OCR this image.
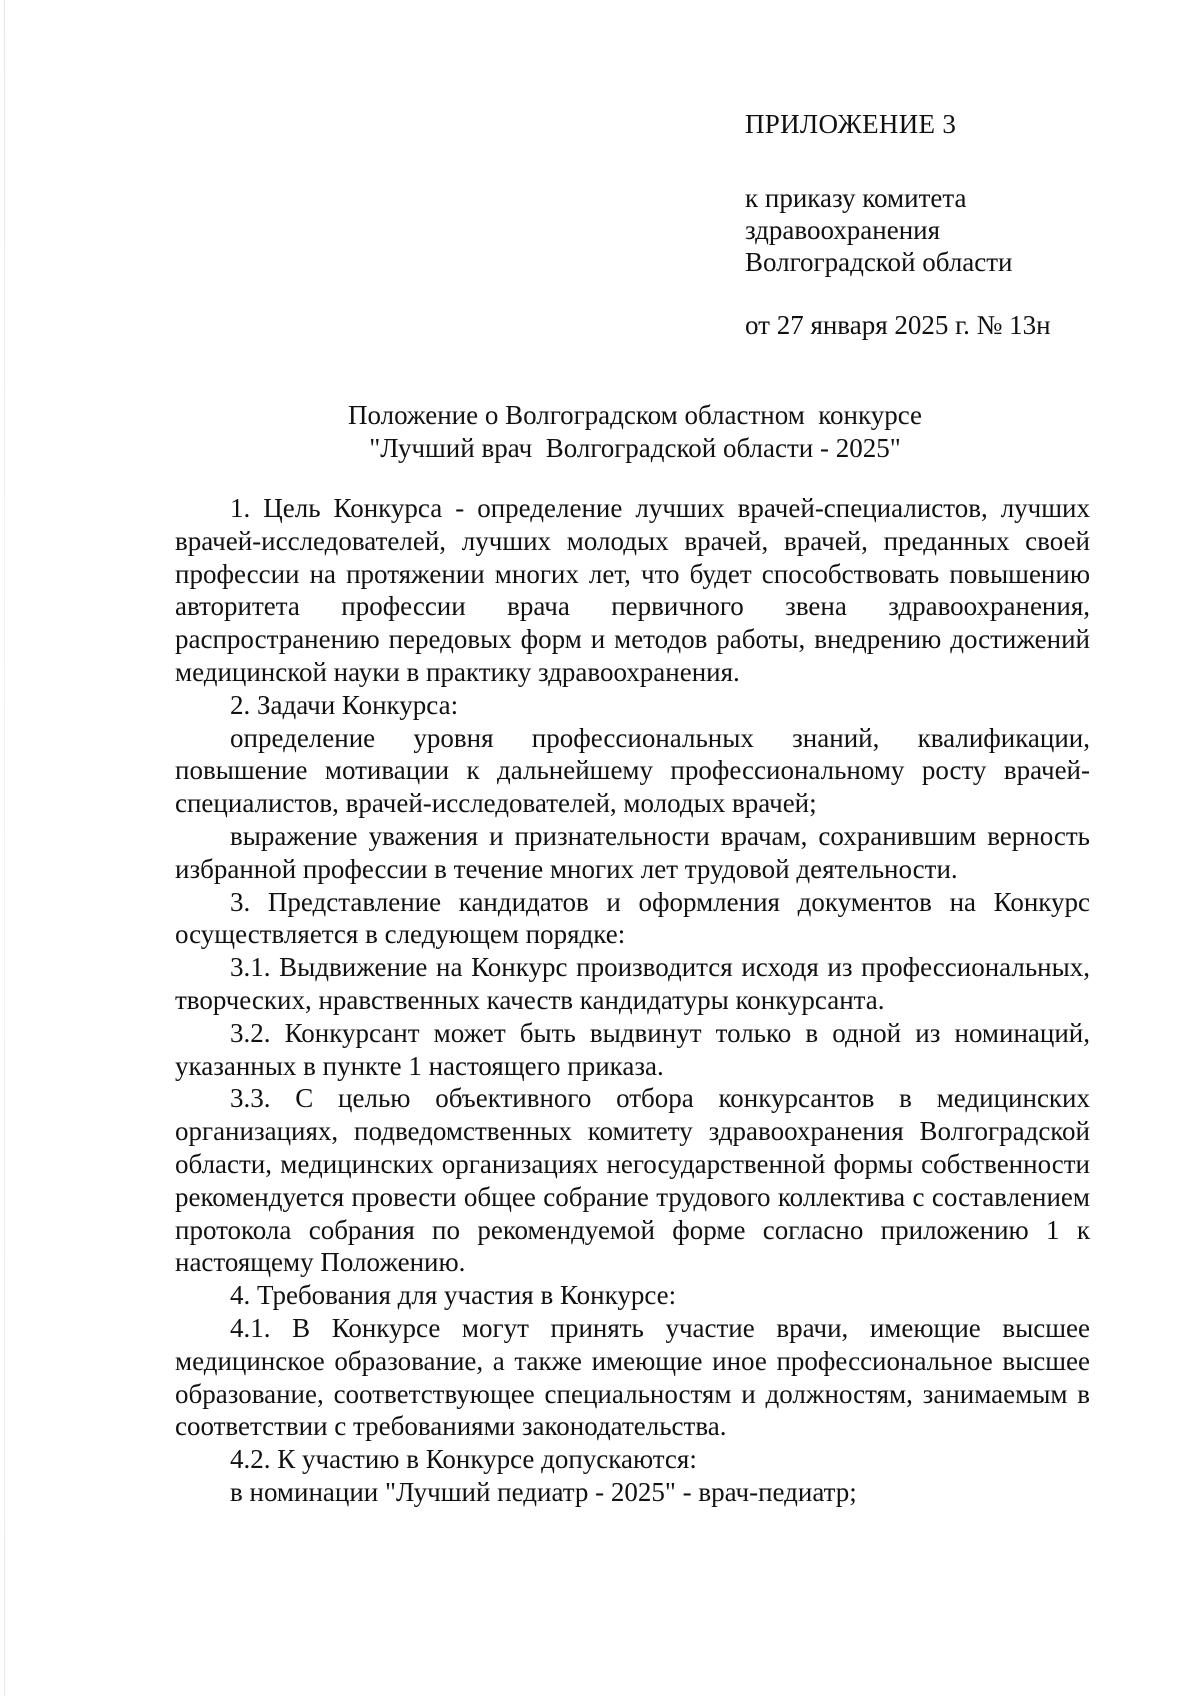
ПРИЛОЖЕНИЕ 3
к приказу комитета
здравоохранения
Волгоградской области
от 27 января 2025 г. № 13н
Положение о Волгоградском областном  конкурсе
"Лучший врач  Волгоградской области - 2025"

1. Цель Конкурса - определение лучших врачей-специалистов, лучших врачей-исследователей, лучших молодых врачей, врачей, преданных своей профессии на протяжении многих лет, что будет способствовать повышению авторитета профессии врача первичного звена здравоохранения, распространению передовых форм и методов работы, внедрению достижений медицинской науки в практику здравоохранения.

2. Задачи Конкурса:

определение уровня профессиональных знаний, квалификации, повышение мотивации к дальнейшему профессиональному росту врачей-специалистов, врачей-исследователей, молодых врачей;

выражение уважения и признательности врачам, сохранившим верность избранной профессии в течение многих лет трудовой деятельности.

3. Представление кандидатов и оформления документов на Конкурс осуществляется в следующем порядке:

3.1. Выдвижение на Конкурс производится исходя из профессиональных, творческих, нравственных качеств кандидатуры конкурсанта.

3.2. Конкурсант может быть выдвинут только в одной из номинаций, указанных в пункте 1 настоящего приказа.

3.3. С целью объективного отбора конкурсантов в медицинских организациях, подведомственных комитету здравоохранения Волгоградской области, медицинских организациях негосударственной формы собственности рекомендуется провести общее собрание трудового коллектива с составлением протокола собрания по рекомендуемой форме согласно приложению 1 к настоящему Положению.

4. Требования для участия в Конкурсе:

4.1. В Конкурсе могут принять участие врачи, имеющие высшее медицинское образование, а также имеющие иное профессиональное высшее образование, соответствующее специальностям и должностям, занимаемым в соответствии с требованиями законодательства.

4.2. К участию в Конкурсе допускаются:

в номинации "Лучший педиатр - 2025" - врач-педиатр;
